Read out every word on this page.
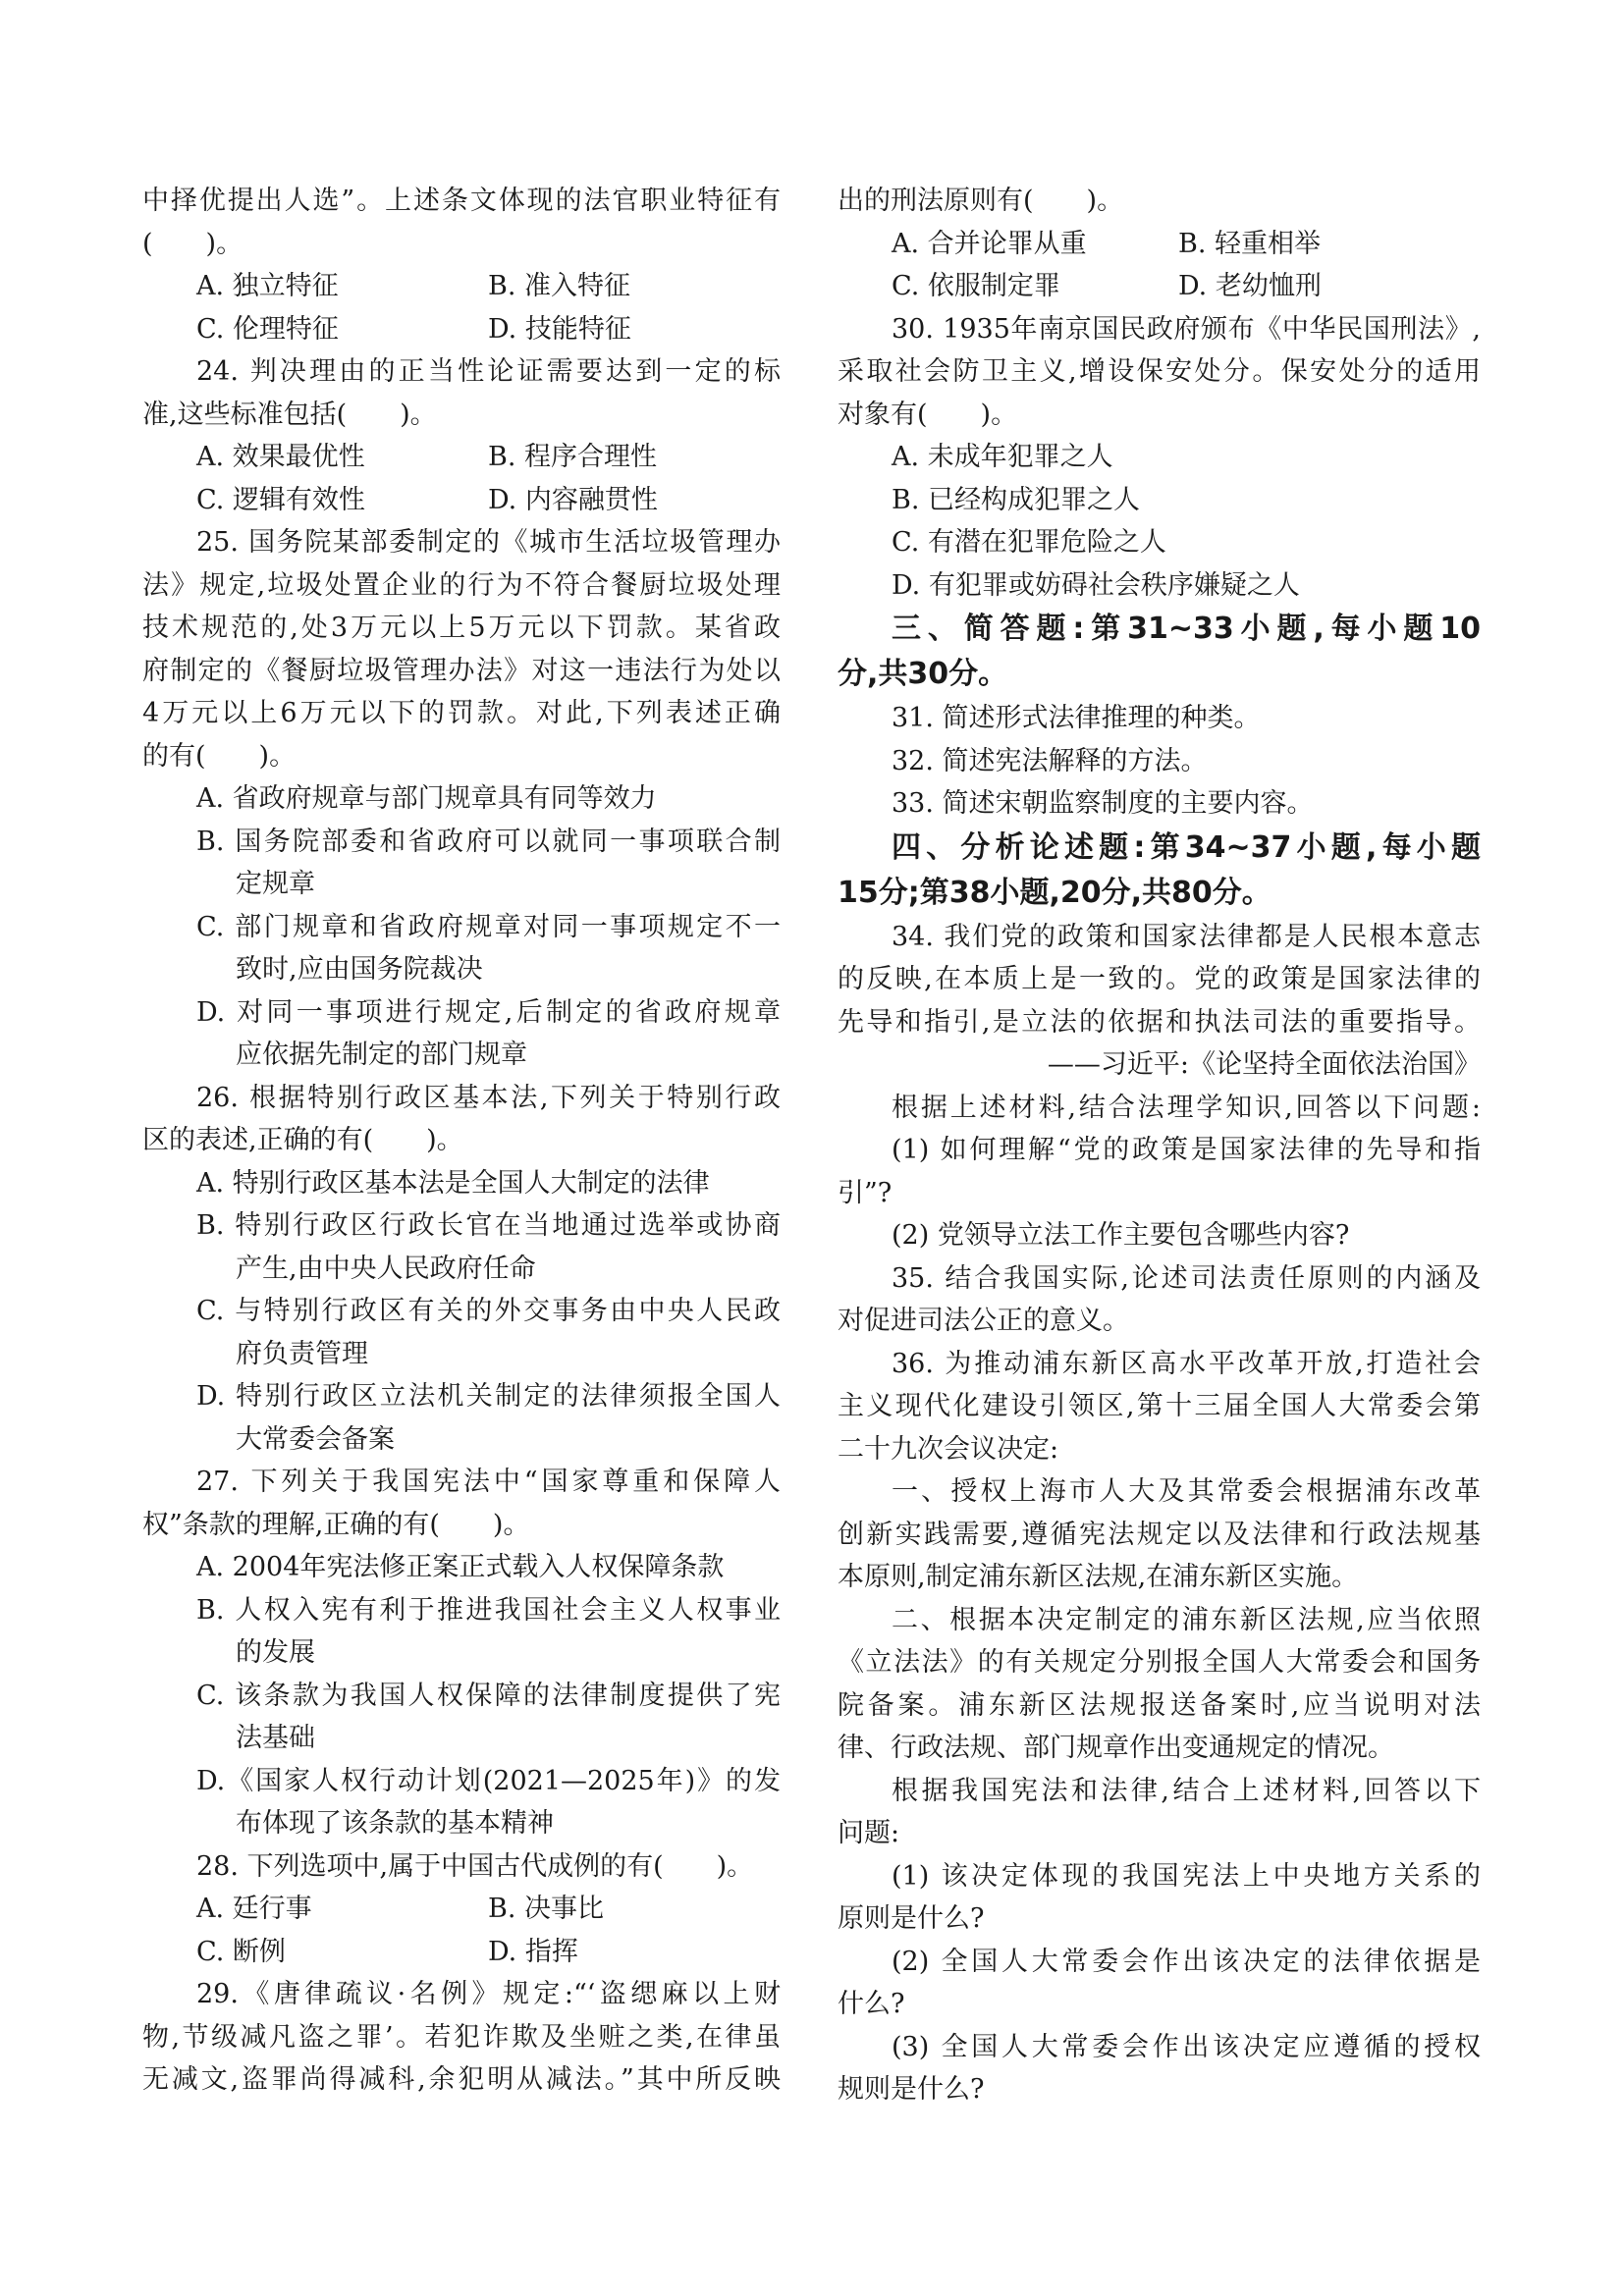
中择优提出人选”。上述条文体现的法官职业特征有
(　　)。
A. 独立特征	B. 准入特征
C. 伦理特征	D. 技能特征
24. 判决理由的正当性论证需要达到一定的标
准,这些标准包括(　　)。
A. 效果最优性	B. 程序合理性
C. 逻辑有效性	D. 内容融贯性
25. 国务院某部委制定的《城市生活垃圾管理办
法》规定,垃圾处置企业的行为不符合餐厨垃圾处理
技术规范的,处3万元以上5万元以下罚款。某省政
府制定的《餐厨垃圾管理办法》对这一违法行为处以
4万元以上6万元以下的罚款。对此,下列表述正确
的有(　　)。
A. 省政府规章与部门规章具有同等效力
B. 国务院部委和省政府可以就同一事项联合制
定规章
C. 部门规章和省政府规章对同一事项规定不一
致时,应由国务院裁决
D. 对同一事项进行规定,后制定的省政府规章
应依据先制定的部门规章
26. 根据特别行政区基本法,下列关于特别行政
区的表述,正确的有(　　)。
A. 特别行政区基本法是全国人大制定的法律
B. 特别行政区行政长官在当地通过选举或协商
产生,由中央人民政府任命
C. 与特别行政区有关的外交事务由中央人民政
府负责管理
D. 特别行政区立法机关制定的法律须报全国人
大常委会备案
27. 下列关于我国宪法中“国家尊重和保障人
权”条款的理解,正确的有(　　)。
A. 2004年宪法修正案正式载入人权保障条款
B. 人权入宪有利于推进我国社会主义人权事业
的发展
C. 该条款为我国人权保障的法律制度提供了宪
法基础
D.《国家人权行动计划(2021—2025年)》的发
布体现了该条款的基本精神
28. 下列选项中,属于中国古代成例的有(　　)。
A. 廷行事	B. 决事比
C. 断例	D. 指挥
29.《唐律疏议·名例》规定:“‘盗缌麻以上财
物,节级减凡盗之罪’。若犯诈欺及坐赃之类,在律虽
无减文,盗罪尚得减科,余犯明从减法。”其中所反映
出的刑法原则有(　　)。
A. 合并论罪从重	B. 轻重相举
C. 依服制定罪	D. 老幼恤刑
30. 1935年南京国民政府颁布《中华民国刑法》,
采取社会防卫主义,增设保安处分。保安处分的适用
对象有(　　)。
A. 未成年犯罪之人
B. 已经构成犯罪之人
C. 有潜在犯罪危险之人
D. 有犯罪或妨碍社会秩序嫌疑之人
三、简答题:第31~33小题,每小题10
分,共30分。
31. 简述形式法律推理的种类。
32. 简述宪法解释的方法。
33. 简述宋朝监察制度的主要内容。
四、分析论述题:第34~37小题,每小题
15分;第38小题,20分,共80分。
34. 我们党的政策和国家法律都是人民根本意志
的反映,在本质上是一致的。党的政策是国家法律的
先导和指引,是立法的依据和执法司法的重要指导。
——习近平:《论坚持全面依法治国》
根据上述材料,结合法理学知识,回答以下问题:
(1) 如何理解“党的政策是国家法律的先导和指
引”?
(2) 党领导立法工作主要包含哪些内容?
35. 结合我国实际,论述司法责任原则的内涵及
对促进司法公正的意义。
36. 为推动浦东新区高水平改革开放,打造社会
主义现代化建设引领区,第十三届全国人大常委会第
二十九次会议决定:
一、授权上海市人大及其常委会根据浦东改革
创新实践需要,遵循宪法规定以及法律和行政法规基
本原则,制定浦东新区法规,在浦东新区实施。
二、根据本决定制定的浦东新区法规,应当依照
《立法法》的有关规定分别报全国人大常委会和国务
院备案。浦东新区法规报送备案时,应当说明对法
律、行政法规、部门规章作出变通规定的情况。
根据我国宪法和法律,结合上述材料,回答以下
问题:
(1) 该决定体现的我国宪法上中央地方关系的
原则是什么?
(2) 全国人大常委会作出该决定的法律依据是
什么?
(3) 全国人大常委会作出该决定应遵循的授权
规则是什么?
